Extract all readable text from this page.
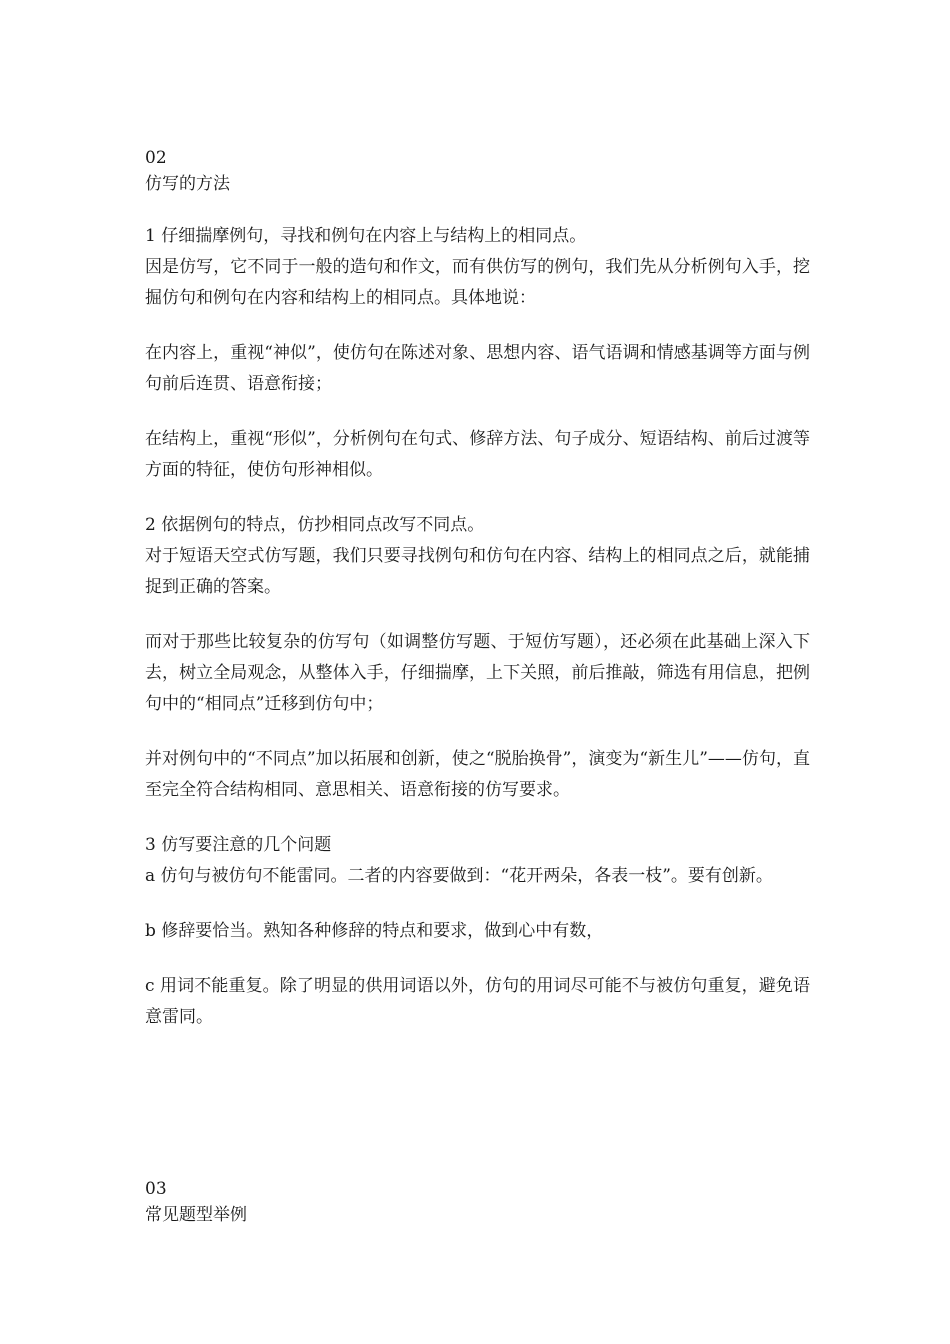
02
仿写的方法

1 仔细揣摩例句，寻找和例句在内容上与结构上的相同点。

因是仿写，它不同于一般的造句和作文，而有供仿写的例句，我们先从分析例句入手，挖掘仿句和例句在内容和结构上的相同点。具体地说：

在内容上，重视“神似”，使仿句在陈述对象、思想内容、语气语调和情感基调等方面与例句前后连贯、语意衔接；

在结构上，重视“形似”，分析例句在句式、修辞方法、句子成分、短语结构、前后过渡等方面的特征，使仿句形神相似。

2 依据例句的特点，仿抄相同点改写不同点。

对于短语天空式仿写题，我们只要寻找例句和仿句在内容、结构上的相同点之后，就能捕捉到正确的答案。

而对于那些比较复杂的仿写句（如调整仿写题、于短仿写题），还必须在此基础上深入下去，树立全局观念，从整体入手，仔细揣摩，上下关照，前后推敲，筛选有用信息，把例句中的“相同点”迁移到仿句中；

并对例句中的“不同点”加以拓展和创新，使之“脱胎换骨”，演变为“新生儿”——仿句，直至完全符合结构相同、意思相关、语意衔接的仿写要求。

3 仿写要注意的几个问题

a 仿句与被仿句不能雷同。二者的内容要做到：“花开两朵，各表一枝”。要有创新。

b 修辞要恰当。熟知各种修辞的特点和要求，做到心中有数，

c 用词不能重复。除了明显的供用词语以外，仿句的用词尽可能不与被仿句重复，避免语意雷同。

03
常见题型举例
